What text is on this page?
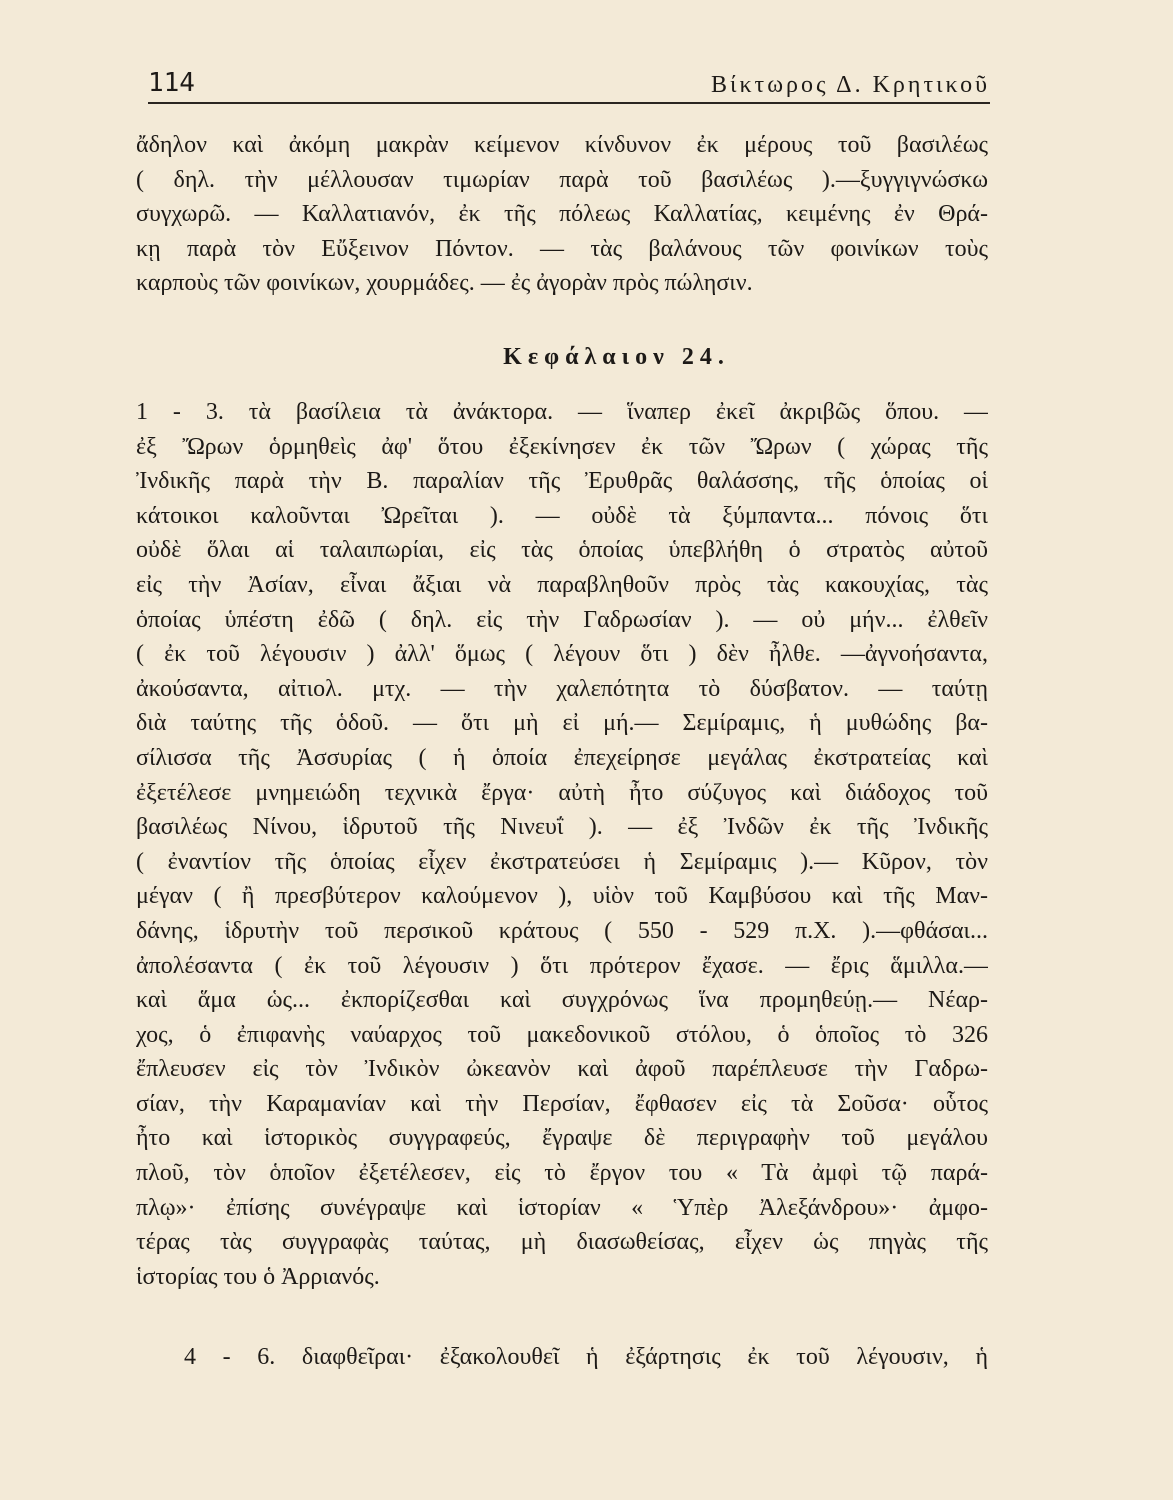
114	Βίκτωρος Δ. Κρητικοῦ
ἄδηλον καὶ ἀκόμη μακρὰν κείμενον κίνδυνον ἐκ μέρους τοῦ βασιλέως
( δηλ. τὴν μέλλουσαν τιμωρίαν παρὰ τοῦ βασιλέως ).—ξυγγιγνώσκω
συγχωρῶ. — Καλλατιανόν, ἐκ τῆς πόλεως Καλλατίας, κειμένης ἐν Θρά-
κῃ παρὰ τὸν Εὔξεινον Πόντον. — τὰς βαλάνους τῶν φοινίκων τοὺς
καρποὺς τῶν φοινίκων, χουρμάδες. — ἐς ἀγορὰν πρὸς πώλησιν.
Κεφάλαιον 24.
1 - 3. τὰ βασίλεια τὰ ἀνάκτορα. — ἵναπερ ἐκεῖ ἀκριβῶς ὅπου. —
ἐξ Ὤρων ὁρμηθεὶς ἀφ' ὅτου ἐξεκίνησεν ἐκ τῶν Ὤρων ( χώρας τῆς
Ἰνδικῆς παρὰ τὴν Β. παραλίαν τῆς Ἐρυθρᾶς θαλάσσης, τῆς ὁποίας οἱ
κάτοικοι καλοῦνται Ὠρεῖται ). — οὐδὲ τὰ ξύμπαντα... πόνοις ὅτι
οὐδὲ ὅλαι αἱ ταλαιπωρίαι, εἰς τὰς ὁποίας ὑπεβλήθη ὁ στρατὸς αὐτοῦ
εἰς τὴν Ἀσίαν, εἶναι ἄξιαι νὰ παραβληθοῦν πρὸς τὰς κακουχίας, τὰς
ὁποίας ὑπέστη ἐδῶ ( δηλ. εἰς τὴν Γαδρωσίαν ). — οὐ μήν... ἐλθεῖν
( ἐκ τοῦ λέγουσιν ) ἀλλ' ὅμως ( λέγουν ὅτι ) δὲν ἦλθε. —ἀγνοήσαντα,
ἀκούσαντα, αἰτιολ. μτχ. — τὴν χαλεπότητα τὸ δύσβατον. — ταύτῃ
διὰ ταύτης τῆς ὁδοῦ. — ὅτι μὴ εἰ μή.— Σεμίραμις, ἡ μυθώδης βα-
σίλισσα τῆς Ἀσσυρίας ( ἡ ὁποία ἐπεχείρησε μεγάλας ἐκστρατείας καὶ
ἐξετέλεσε μνημειώδη τεχνικὰ ἔργα· αὐτὴ ἦτο σύζυγος καὶ διάδοχος τοῦ
βασιλέως Νίνου, ἱδρυτοῦ τῆς Νινευΐ ). — ἐξ Ἰνδῶν ἐκ τῆς Ἰνδικῆς
( ἐναντίον τῆς ὁποίας εἶχεν ἐκστρατεύσει ἡ Σεμίραμις ).— Κῦρον, τὸν
μέγαν ( ἢ πρεσβύτερον καλούμενον ), υἱὸν τοῦ Καμβύσου καὶ τῆς Μαν-
δάνης, ἱδρυτὴν τοῦ περσικοῦ κράτους ( 550 - 529 π.Χ. ).—φθάσαι...
ἀπολέσαντα ( ἐκ τοῦ λέγουσιν ) ὅτι πρότερον ἔχασε. — ἔρις ἅμιλλα.—
καὶ ἅμα ὡς... ἐκπορίζεσθαι καὶ συγχρόνως ἵνα προμηθεύῃ.— Νέαρ-
χος, ὁ ἐπιφανὴς ναύαρχος τοῦ μακεδονικοῦ στόλου, ὁ ὁποῖος τὸ 326
ἔπλευσεν εἰς τὸν Ἰνδικὸν ὠκεανὸν καὶ ἀφοῦ παρέπλευσε τὴν Γαδρω-
σίαν, τὴν Καραμανίαν καὶ τὴν Περσίαν, ἔφθασεν εἰς τὰ Σοῦσα· οὗτος
ἦτο καὶ ἱστορικὸς συγγραφεύς, ἔγραψε δὲ περιγραφὴν τοῦ μεγάλου
πλοῦ, τὸν ὁποῖον ἐξετέλεσεν, εἰς τὸ ἔργον του « Τὰ ἀμφὶ τῷ παρά-
πλῳ»· ἐπίσης συνέγραψε καὶ ἱστορίαν « Ὑπὲρ Ἀλεξάνδρου»· ἀμφο-
τέρας τὰς συγγραφὰς ταύτας, μὴ διασωθείσας, εἶχεν ὡς πηγὰς τῆς
ἱστορίας του ὁ Ἀρριανός.
4 - 6. διαφθεῖραι· ἐξακολουθεῖ ἡ ἐξάρτησις ἐκ τοῦ λέγουσιν, ἡ
